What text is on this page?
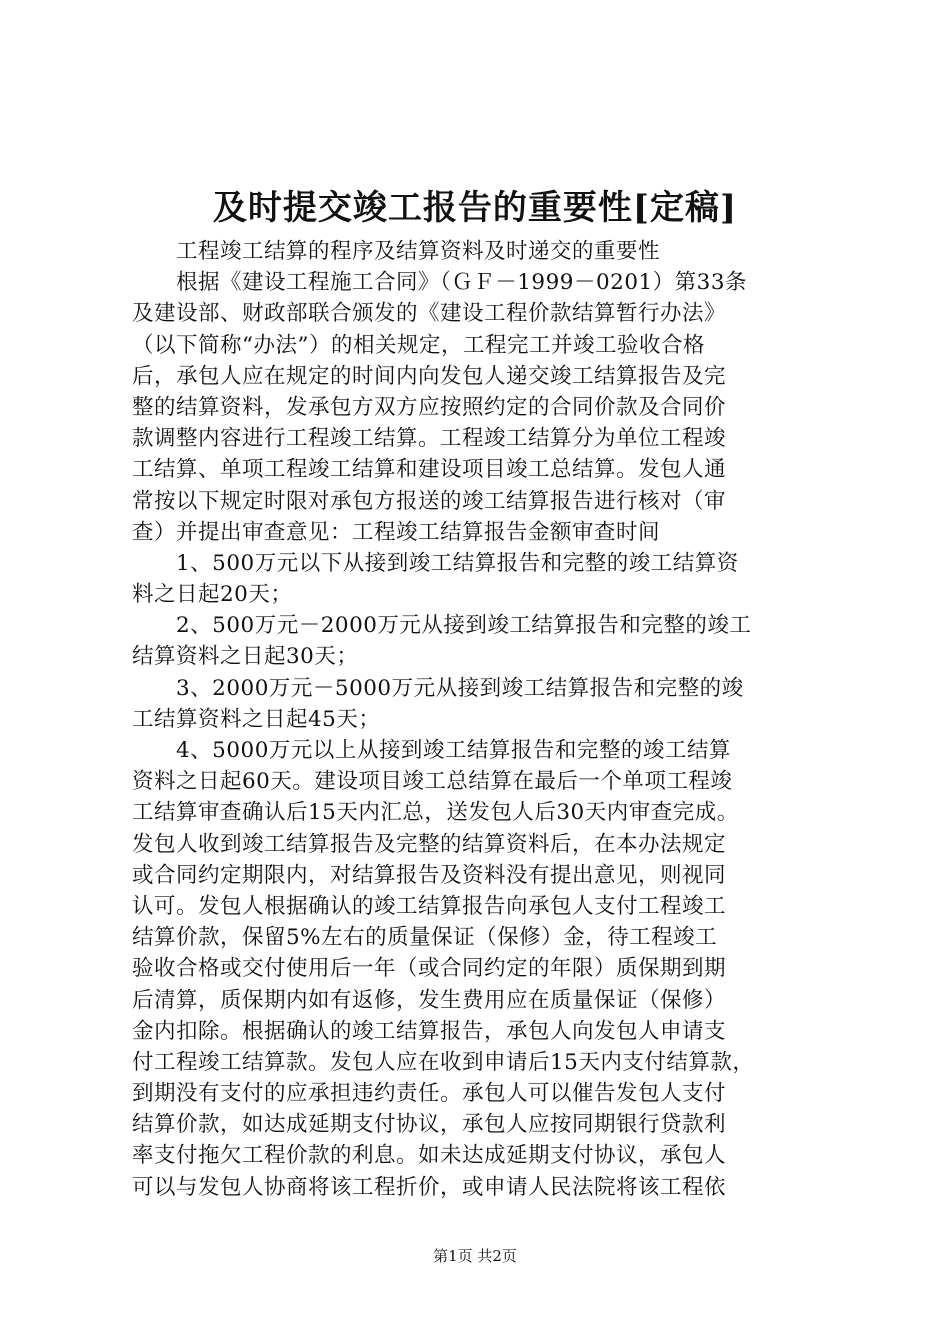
及时提交竣工报告的重要性[定稿]
　　工程竣工结算的程序及结算资料及时递交的重要性
　　根据《建设工程施工合同》（ＧＦ－1999－0201）第33条
及建设部、财政部联合颁发的《建设工程价款结算暂行办法》
（以下简称“办法”）的相关规定，工程完工并竣工验收合格
后，承包人应在规定的时间内向发包人递交竣工结算报告及完
整的结算资料，发承包方双方应按照约定的合同价款及合同价
款调整内容进行工程竣工结算。工程竣工结算分为单位工程竣
工结算、单项工程竣工结算和建设项目竣工总结算。发包人通
常按以下规定时限对承包方报送的竣工结算报告进行核对（审
查）并提出审查意见：工程竣工结算报告金额审查时间
　　1、500万元以下从接到竣工结算报告和完整的竣工结算资
料之日起20天；
　　2、500万元－2000万元从接到竣工结算报告和完整的竣工
结算资料之日起30天；
　　3、2000万元－5000万元从接到竣工结算报告和完整的竣
工结算资料之日起45天；
　　4、5000万元以上从接到竣工结算报告和完整的竣工结算
资料之日起60天。建设项目竣工总结算在最后一个单项工程竣
工结算审查确认后15天内汇总，送发包人后30天内审查完成。
发包人收到竣工结算报告及完整的结算资料后，在本办法规定
或合同约定期限内，对结算报告及资料没有提出意见，则视同
认可。发包人根据确认的竣工结算报告向承包人支付工程竣工
结算价款，保留5%左右的质量保证（保修）金，待工程竣工
验收合格或交付使用后一年（或合同约定的年限）质保期到期
后清算，质保期内如有返修，发生费用应在质量保证（保修）
金内扣除。根据确认的竣工结算报告，承包人向发包人申请支
付工程竣工结算款。发包人应在收到申请后15天内支付结算款，
到期没有支付的应承担违约责任。承包人可以催告发包人支付
结算价款，如达成延期支付协议，承包人应按同期银行贷款利
率支付拖欠工程价款的利息。如未达成延期支付协议，承包人
可以与发包人协商将该工程折价，或申请人民法院将该工程依
第1页 共2页
